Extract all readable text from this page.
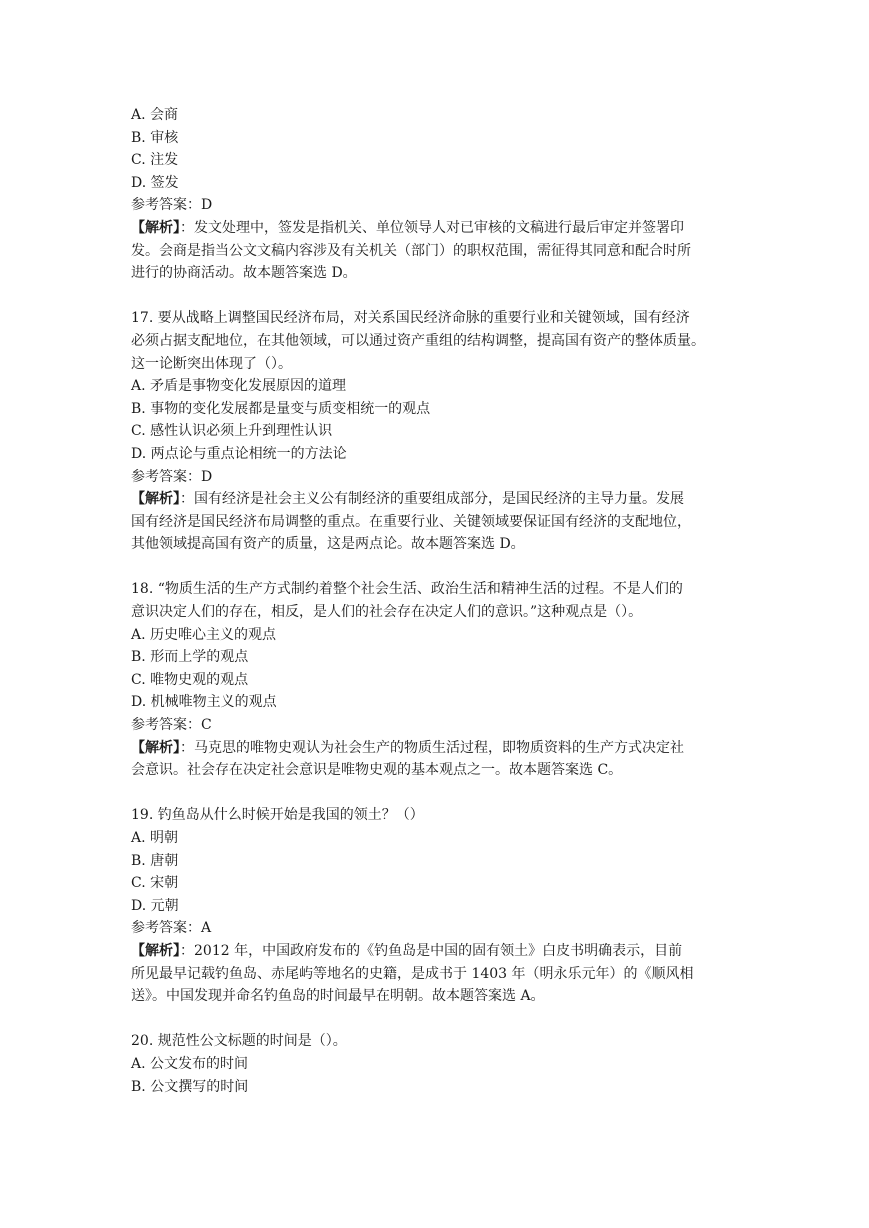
A. 会商
B. 审核
C. 注发
D. 签发
参考答案：D
【解析】：发文处理中，签发是指机关、单位领导人对已审核的文稿进行最后审定并签署印
发。会商是指当公文文稿内容涉及有关机关（部门）的职权范围，需征得其同意和配合时所
进行的协商活动。故本题答案选 D。
17. 要从战略上调整国民经济布局，对关系国民经济命脉的重要行业和关键领域，国有经济
必须占据支配地位，在其他领域，可以通过资产重组的结构调整，提高国有资产的整体质量。
这一论断突出体现了（）。
A. 矛盾是事物变化发展原因的道理
B. 事物的变化发展都是量变与质变相统一的观点
C. 感性认识必须上升到理性认识
D. 两点论与重点论相统一的方法论
参考答案：D
【解析】：国有经济是社会主义公有制经济的重要组成部分，是国民经济的主导力量。发展
国有经济是国民经济布局调整的重点。在重要行业、关键领域要保证国有经济的支配地位，
其他领域提高国有资产的质量，这是两点论。故本题答案选 D。
18. “物质生活的生产方式制约着整个社会生活、政治生活和精神生活的过程。不是人们的
意识决定人们的存在，相反，是人们的社会存在决定人们的意识。”这种观点是（）。
A. 历史唯心主义的观点
B. 形而上学的观点
C. 唯物史观的观点
D. 机械唯物主义的观点
参考答案：C
【解析】：马克思的唯物史观认为社会生产的物质生活过程，即物质资料的生产方式决定社
会意识。社会存在决定社会意识是唯物史观的基本观点之一。故本题答案选 C。
19. 钓鱼岛从什么时候开始是我国的领土？（）
A. 明朝
B. 唐朝
C. 宋朝
D. 元朝
参考答案：A
【解析】：2012 年，中国政府发布的《钓鱼岛是中国的固有领土》白皮书明确表示，目前
所见最早记载钓鱼岛、赤尾屿等地名的史籍，是成书于 1403 年（明永乐元年）的《顺风相
送》。中国发现并命名钓鱼岛的时间最早在明朝。故本题答案选 A。
20. 规范性公文标题的时间是（）。
A. 公文发布的时间
B. 公文撰写的时间
